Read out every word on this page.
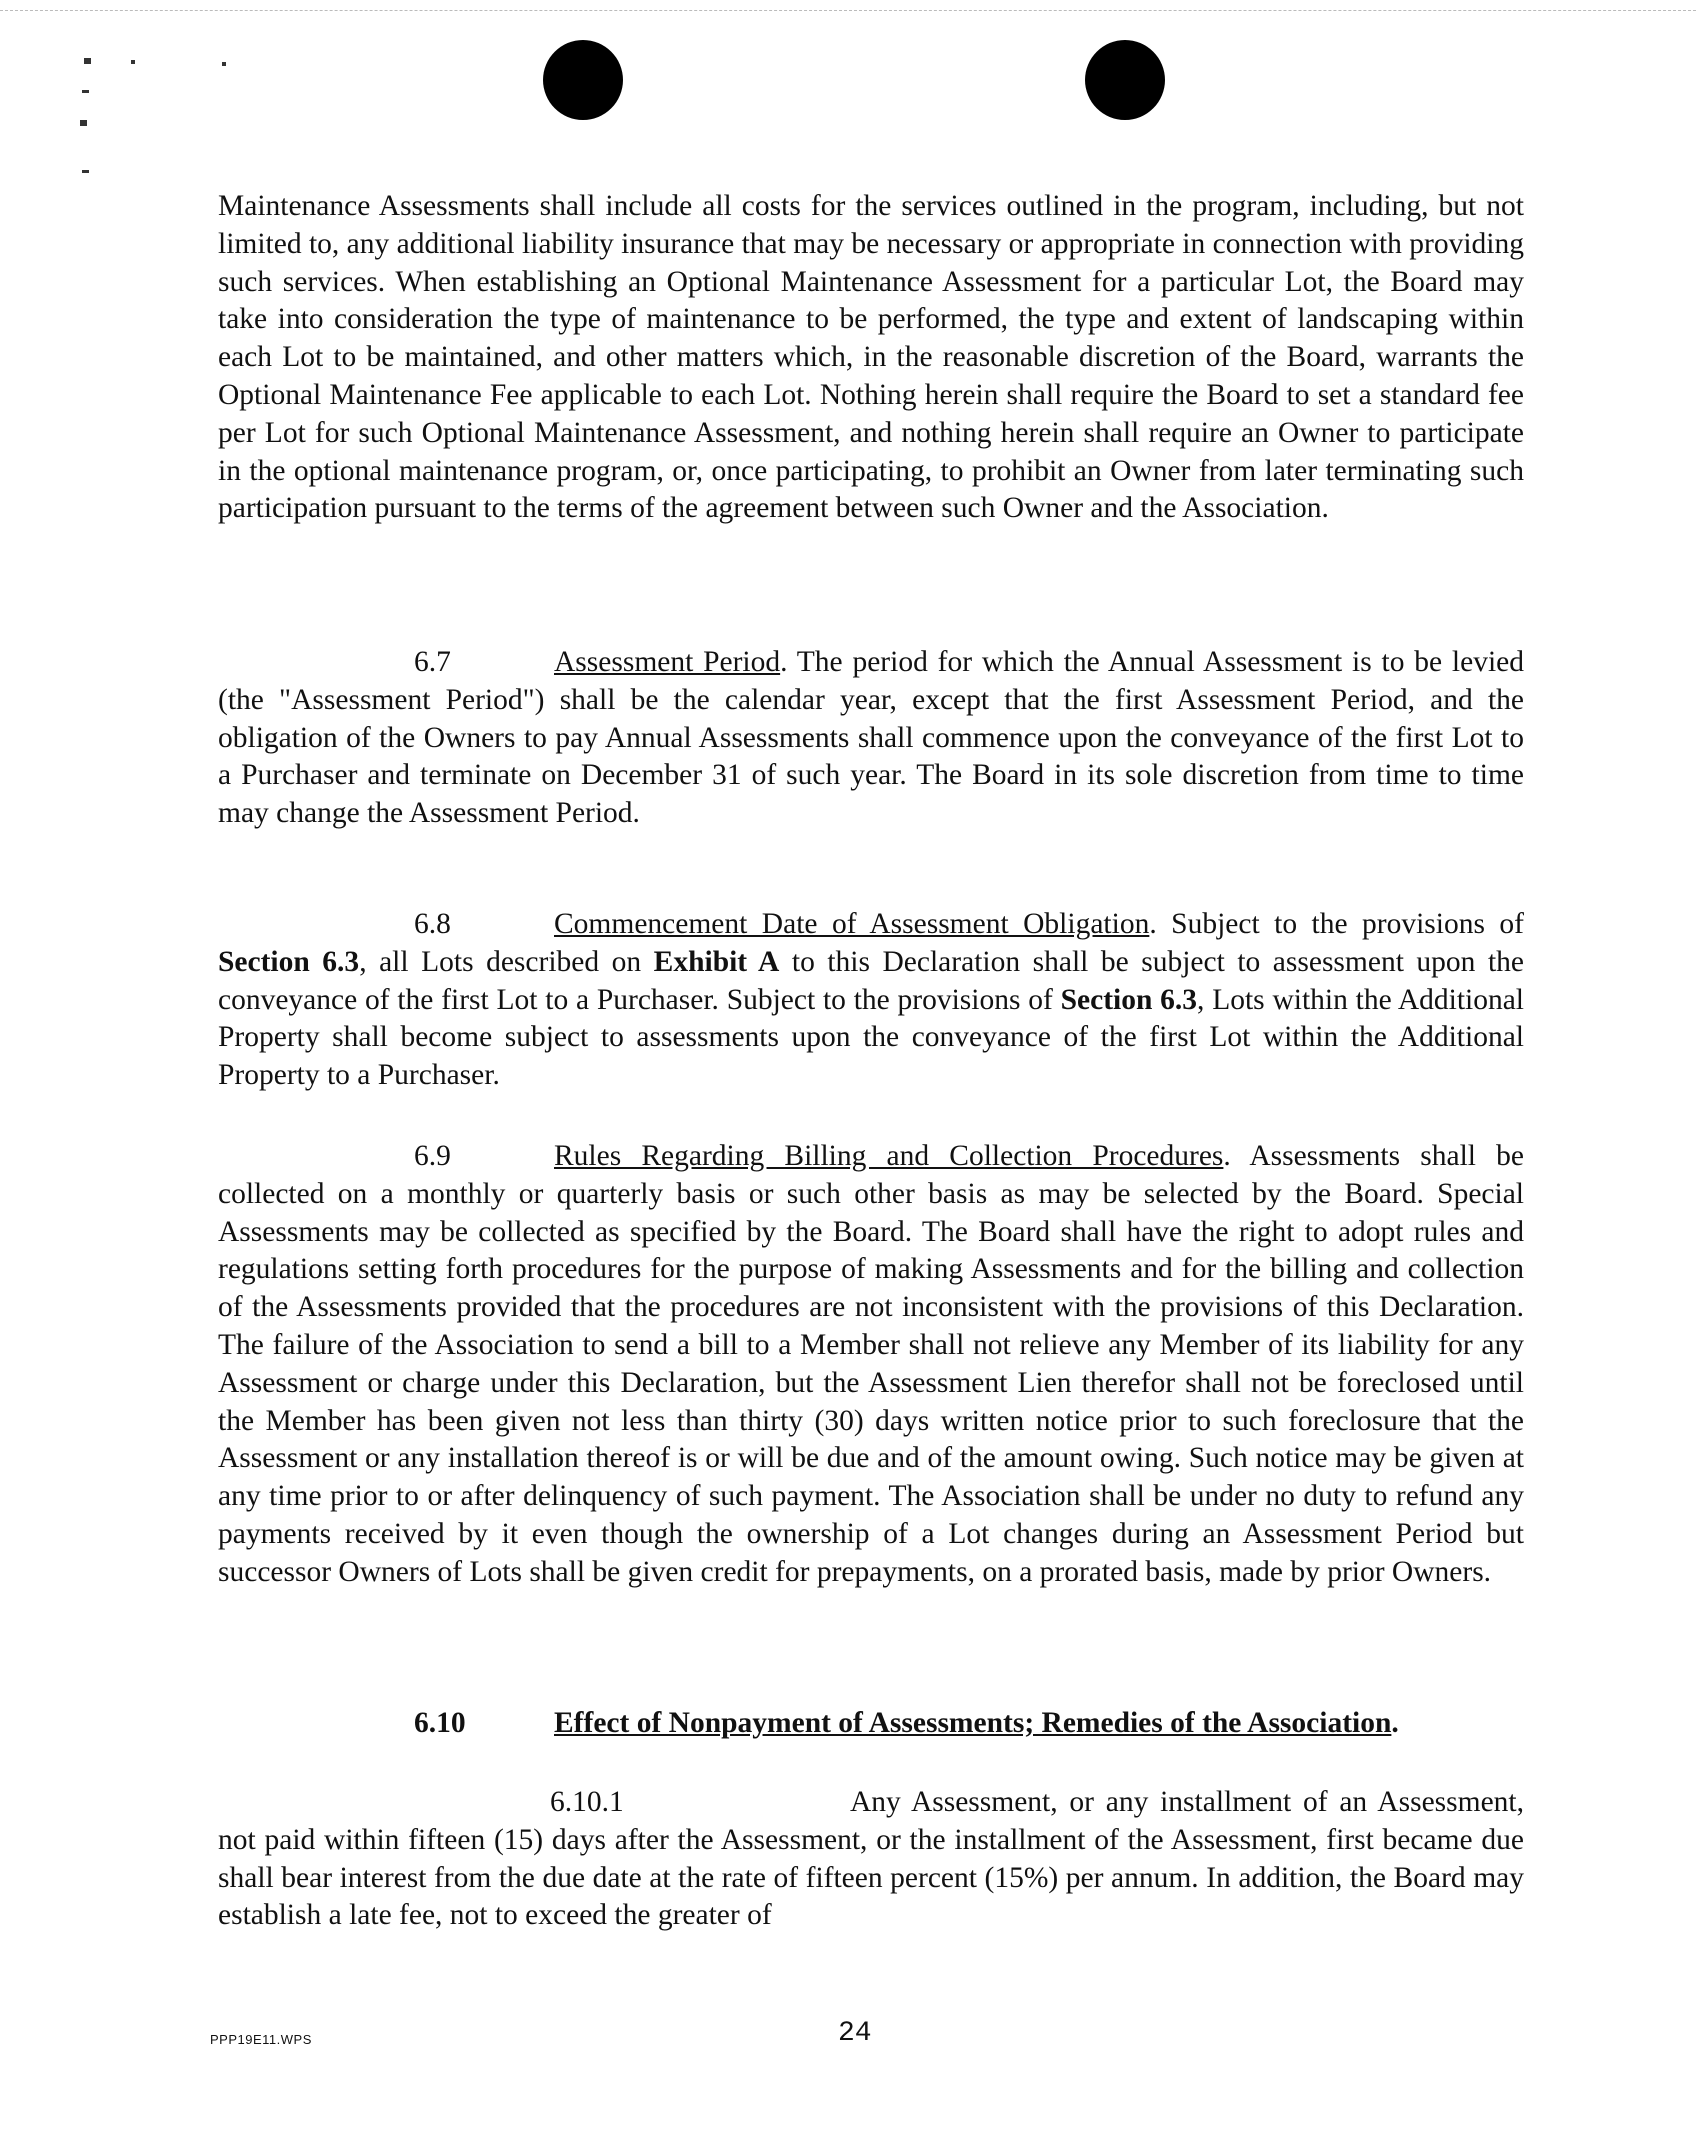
Maintenance Assessments shall include all costs for the services outlined in the program, including, but not limited to, any additional liability insurance that may be necessary or appropriate in connection with providing such services. When establishing an Optional Maintenance Assessment for a particular Lot, the Board may take into consideration the type of maintenance to be performed, the type and extent of landscaping within each Lot to be maintained, and other matters which, in the reasonable discretion of the Board, warrants the Optional Maintenance Fee applicable to each Lot. Nothing herein shall require the Board to set a standard fee per Lot for such Optional Maintenance Assessment, and nothing herein shall require an Owner to participate in the optional maintenance program, or, once participating, to prohibit an Owner from later terminating such participation pursuant to the terms of the agreement between such Owner and the Association.

6.7	Assessment Period. The period for which the Annual Assessment is to be levied (the "Assessment Period") shall be the calendar year, except that the first Assessment Period, and the obligation of the Owners to pay Annual Assessments shall commence upon the conveyance of the first Lot to a Purchaser and terminate on December 31 of such year. The Board in its sole discretion from time to time may change the Assessment Period.

6.8	Commencement Date of Assessment Obligation. Subject to the provisions of Section 6.3, all Lots described on Exhibit A to this Declaration shall be subject to assessment upon the conveyance of the first Lot to a Purchaser. Subject to the provisions of Section 6.3, Lots within the Additional Property shall become subject to assessments upon the conveyance of the first Lot within the Additional Property to a Purchaser.

6.9	Rules Regarding Billing and Collection Procedures. Assessments shall be collected on a monthly or quarterly basis or such other basis as may be selected by the Board. Special Assessments may be collected as specified by the Board. The Board shall have the right to adopt rules and regulations setting forth procedures for the purpose of making Assessments and for the billing and collection of the Assessments provided that the procedures are not inconsistent with the provisions of this Declaration. The failure of the Association to send a bill to a Member shall not relieve any Member of its liability for any Assessment or charge under this Declaration, but the Assessment Lien therefor shall not be foreclosed until the Member has been given not less than thirty (30) days written notice prior to such foreclosure that the Assessment or any installation thereof is or will be due and of the amount owing. Such notice may be given at any time prior to or after delinquency of such payment. The Association shall be under no duty to refund any payments received by it even though the ownership of a Lot changes during an Assessment Period but successor Owners of Lots shall be given credit for prepayments, on a prorated basis, made by prior Owners.

6.10	Effect of Nonpayment of Assessments; Remedies of the Association.

6.10.1	Any Assessment, or any installment of an Assessment, not paid within fifteen (15) days after the Assessment, or the installment of the Assessment, first became due shall bear interest from the due date at the rate of fifteen percent (15%) per annum. In addition, the Board may establish a late fee, not to exceed the greater of

PPP19E11.WPS	24
